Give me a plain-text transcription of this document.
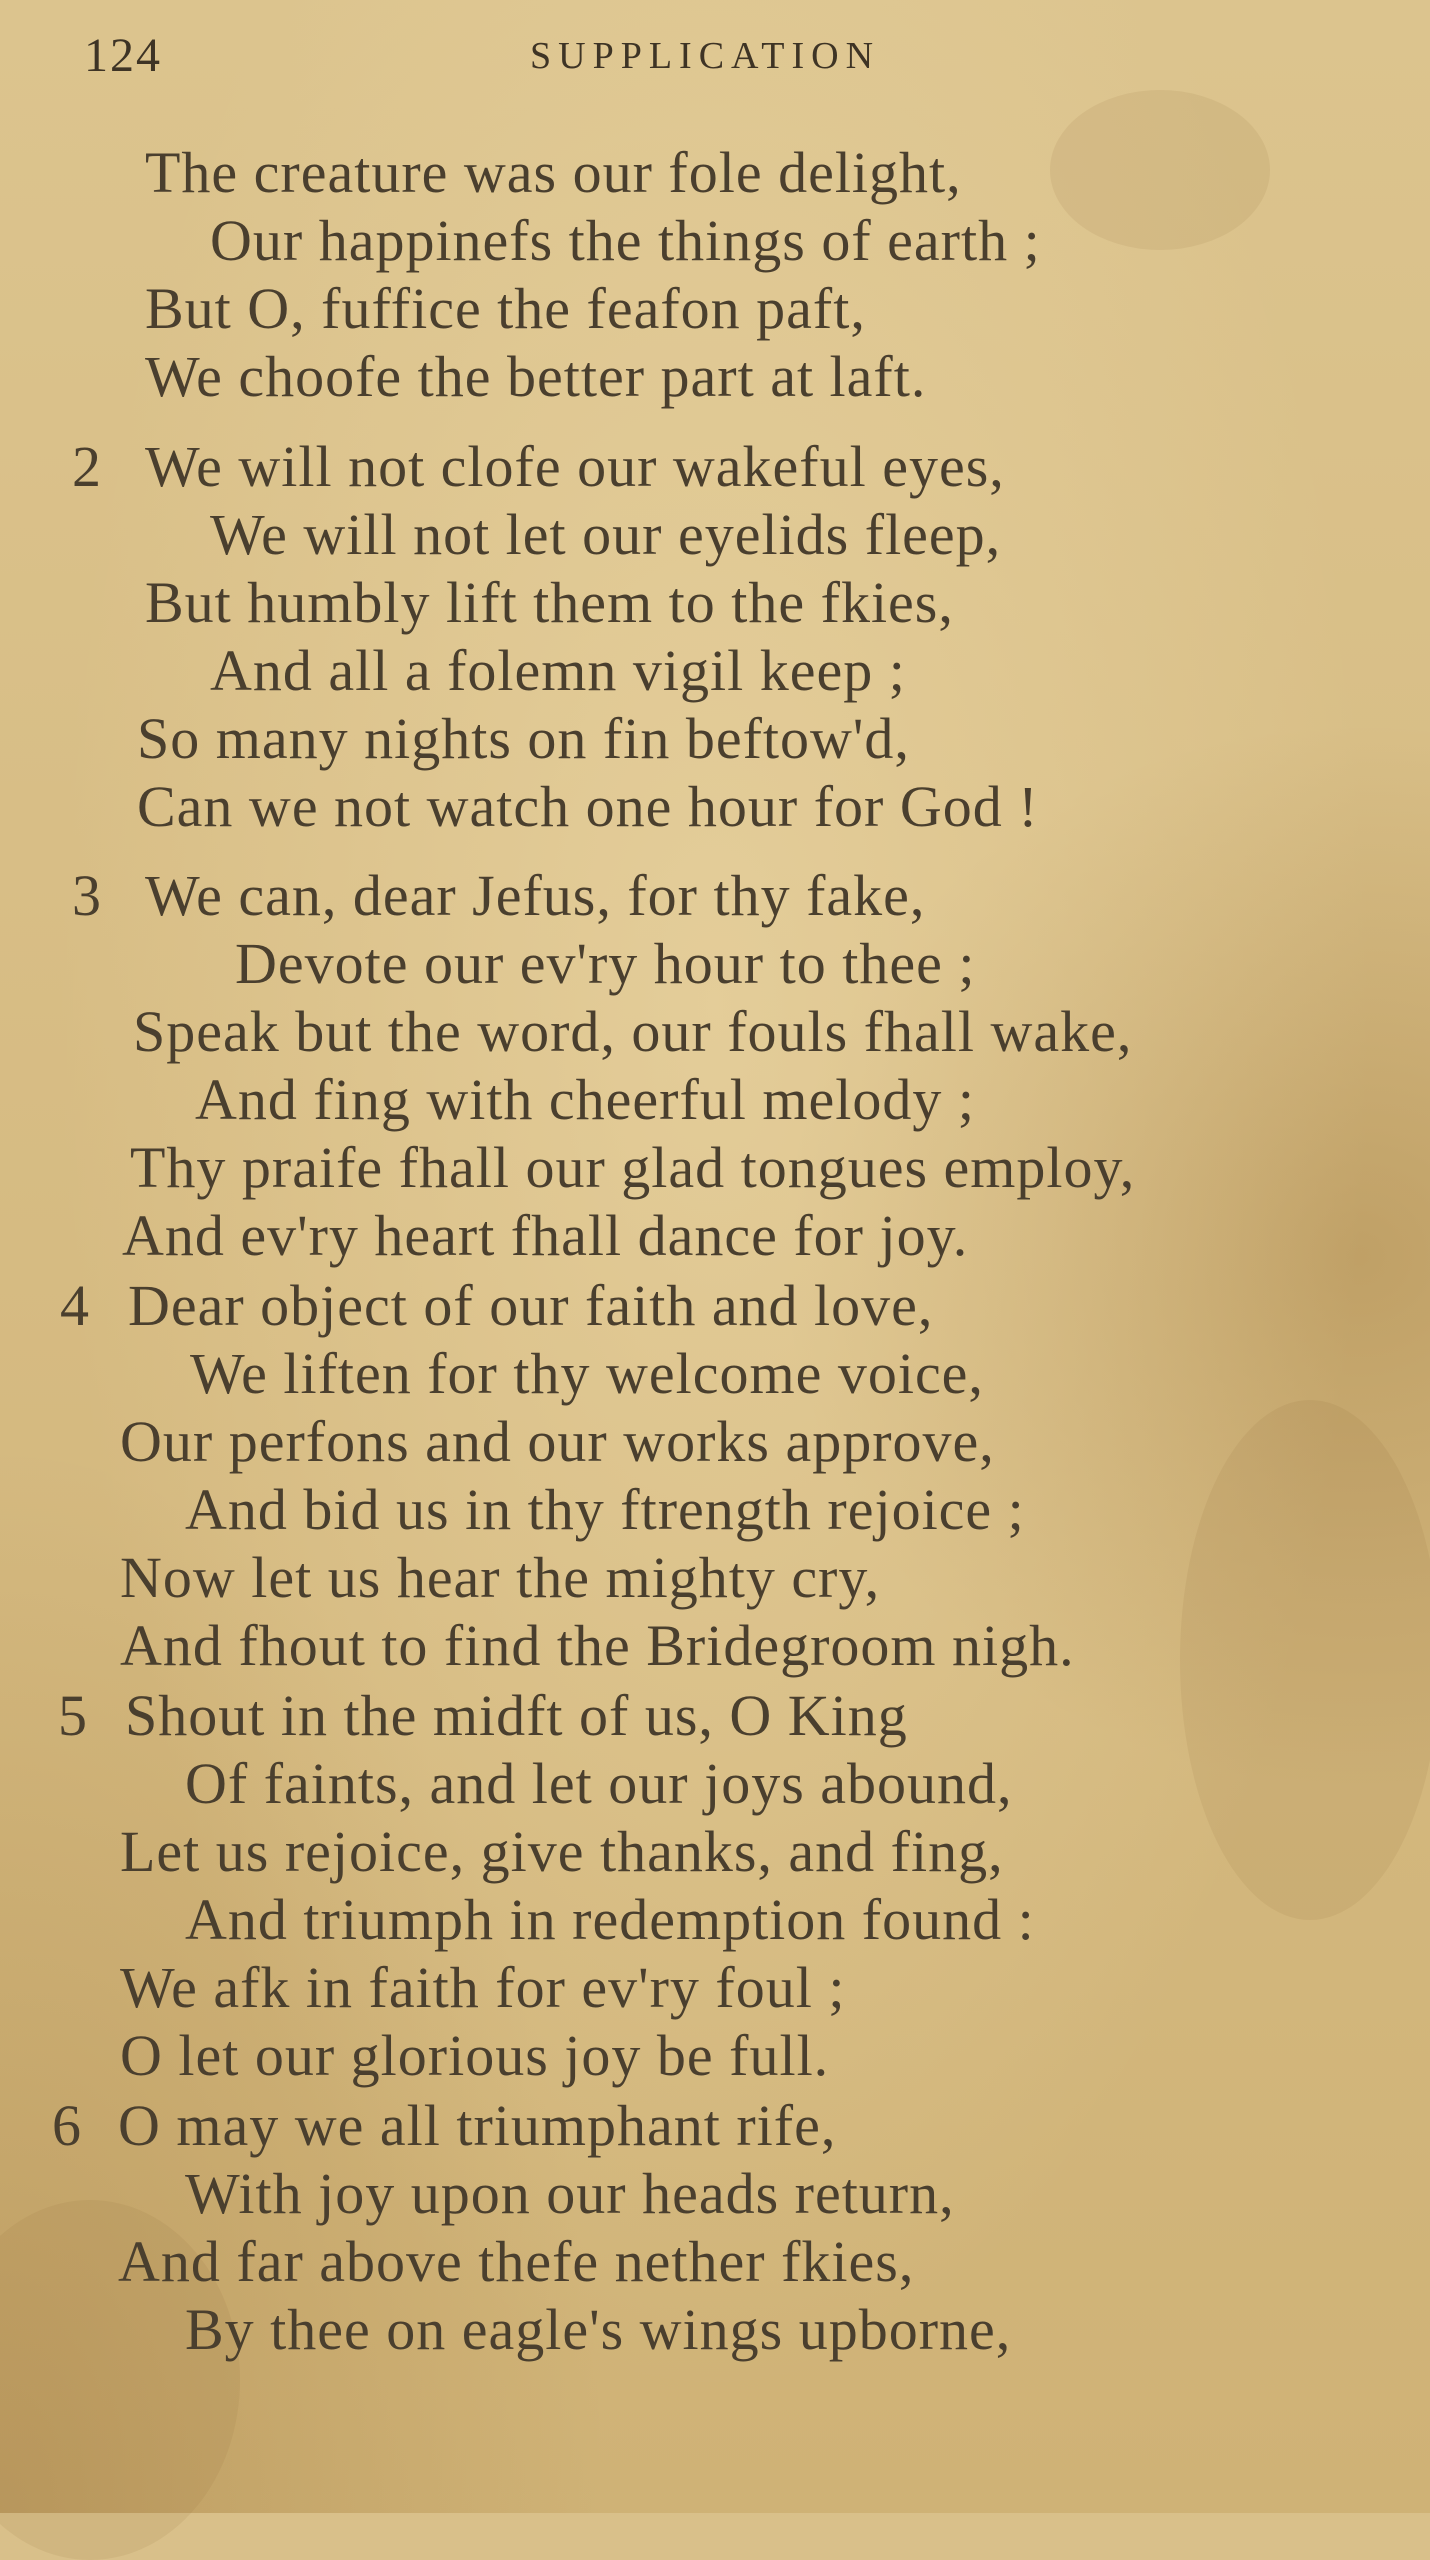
124	SUPPLICATION
The creature was our fole delight,
Our happinefs the things of earth ;
But O, fuffice the feafon paft,
We choofe the better part at laft.
2 We will not clofe our wakeful eyes,
We will not let our eyelids fleep,
But humbly lift them to the fkies,
And all a folemn vigil keep ;
So many nights on fin beftow'd,
Can we not watch one hour for God !
3 We can, dear Jefus, for thy fake,
Devote our ev'ry hour to thee ;
Speak but the word, our fouls fhall wake,
And fing with cheerful melody ;
Thy praife fhall our glad tongues employ,
And ev'ry heart fhall dance for joy.
4 Dear object of our faith and love,
We liften for thy welcome voice,
Our perfons and our works approve,
And bid us in thy ftrength rejoice ;
Now let us hear the mighty cry,
And fhout to find the Bridegroom nigh.
5 Shout in the midft of us, O King
Of faints, and let our joys abound,
Let us rejoice, give thanks, and fing,
And triumph in redemption found :
We afk in faith for ev'ry foul ;
O let our glorious joy be full.
6 O may we all triumphant rife,
With joy upon our heads return,
And far above thefe nether fkies,
By thee on eagle's wings upborne,
